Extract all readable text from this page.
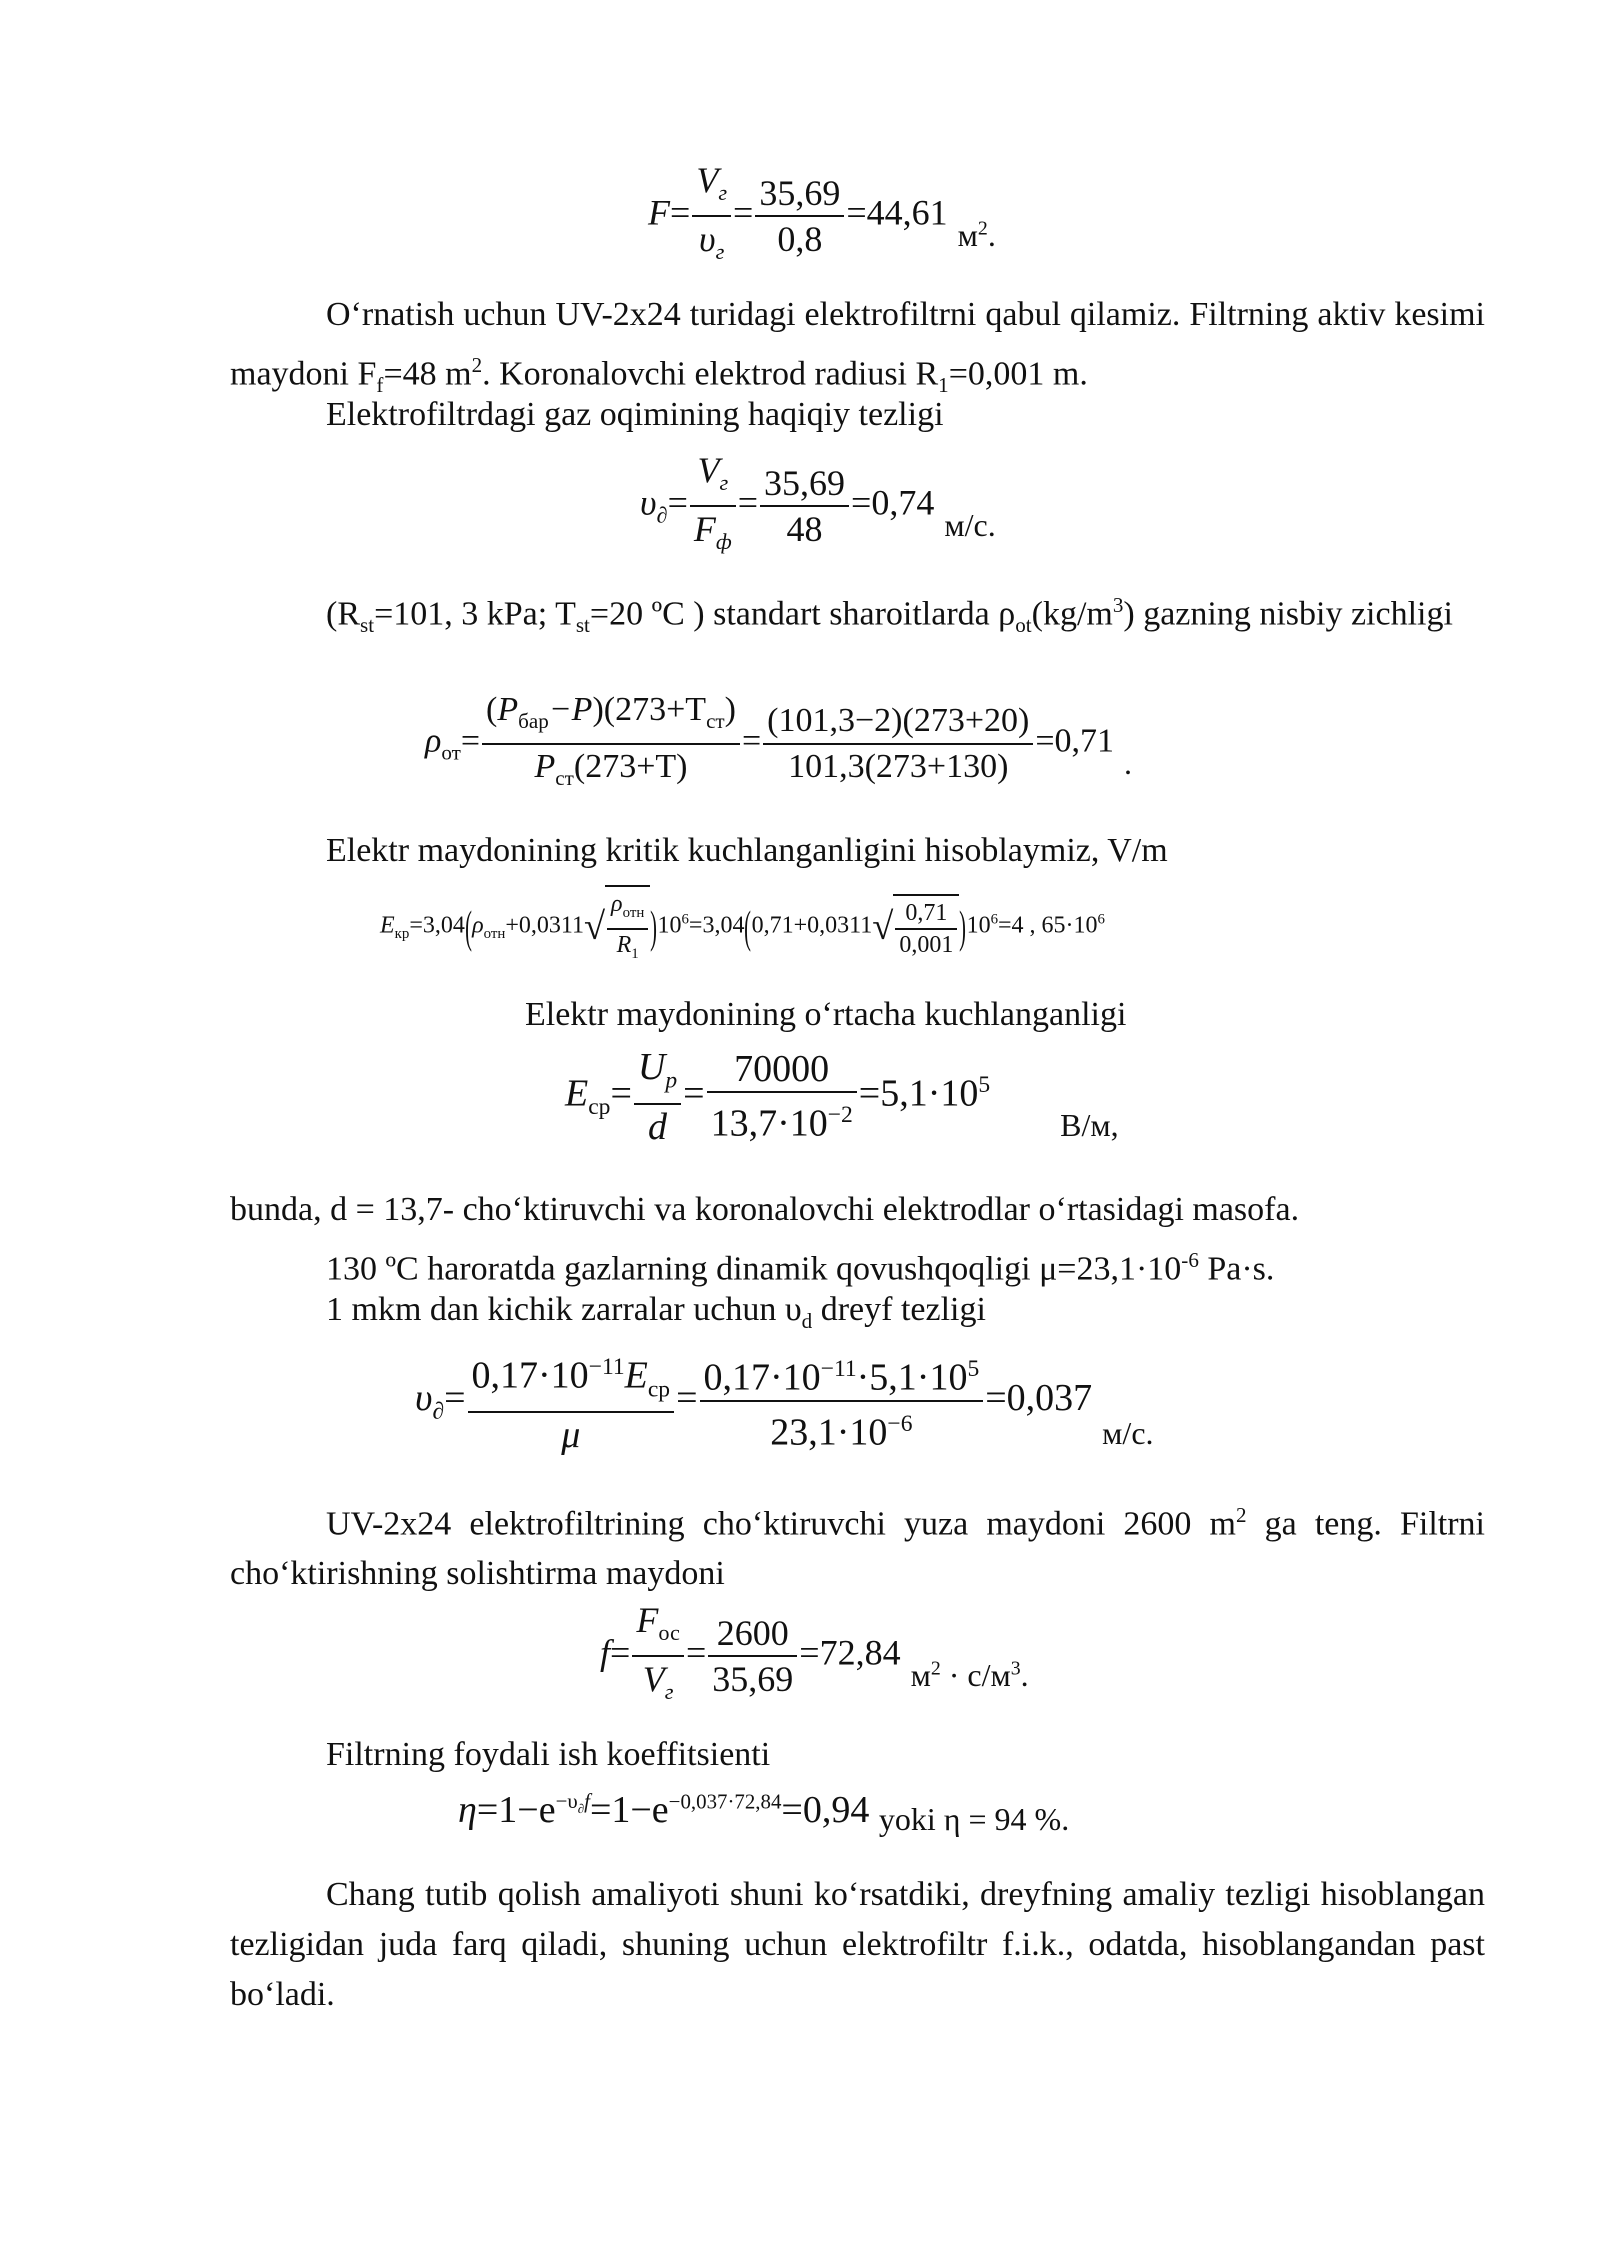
$F= \frac{V_г}{\upsilon_г} = \frac{35,69}{0,8} =44,61м^2$.
O‘rnatish uchun UV-2x24 turidagi elektrofiltrni qabul qilamiz. Filtrning aktiv kesimi maydoni $F_f=48$ $m^2$. Koronalovchi elektrod radiusi $R_1=0,001$ m.
Elektrofiltrdagi gaz oqimining haqiqiy tezligi
$\upsilon_\partial= \frac{V_г}{F_ф} = \frac{35,69}{48} =0,74м/с$.
($R_{st}=101$, 3 kPa; $T_{st}=20$ ºC ) standart sharoitlarda $\rho_{ot}(kg/m^3)$ gazning nisbiy zichligi
$\rho_{от}= \frac{(P_{бар}-P)(273+T_{ст})}{P_{ст}(273+T)} = \frac{(101,3-2)(273+20)}{101,3(273+130)} =0,71$.
Elektr maydonining kritik kuchlanganligini hisoblaymiz, V/m
$E_{кр}=3,04(\rho_{отн}+0,0311√ \frac{\rho_{отн}}{R_1} )10^6=3,04(0,71+0,0311√ \frac{0,71}{0,001} )10^6=4$ , $65\cdot 10^6$
Elektr maydonining o‘rtacha kuchlanganligi
$E_{ср}= \frac{U_р}{d} = \frac{70000}{13,7\cdot 10^{-2}} =5,1\cdot 10^5_{В/м,}$
bunda, d = 13,7- cho‘ktiruvchi va koronalovchi elektrodlar o‘rtasidagi masofa.
130 ºC haroratda gazlarning dinamik qovushqoqligi $\mu=23,1\cdot 10^{-6}$ Pa·s.
1 mkm dan kichik zarralar uchun $\upsilon_d$ dreyf tezligi
$\upsilon_\partial= \frac{0,17\cdot 10^{-11}E_{ср}}{\mu} = \frac{0,17\cdot 10^{-11}\cdot 5,1\cdot 10^5}{23,1\cdot 10^{-6}} =0,037_{м/с.}$
UV-2x24 elektrofiltrining cho‘ktiruvchi yuza maydoni 2600 $m^2$ ga teng. Filtrni cho‘ktirishning solishtirma maydoni
$f= \frac{F_{ос}}{V_г} = \frac{2600}{35,69} =72,84м^2 \cdot с/м^3$.
Filtrning foydali ish koeffitsienti
$\eta=1-e^{-\upsilon_\partial f}=1-e^{-0,037\cdot 72,84}=0,94$ $_{yoki \eta = 94 \%.}$
Chang tutib qolish amaliyoti shuni ko‘rsatdiki, dreyfning amaliy tezligi hisoblangan tezligidan juda farq qiladi, shuning uchun elektrofiltr f.i.k., odatda, hisoblangandan past bo‘ladi.
